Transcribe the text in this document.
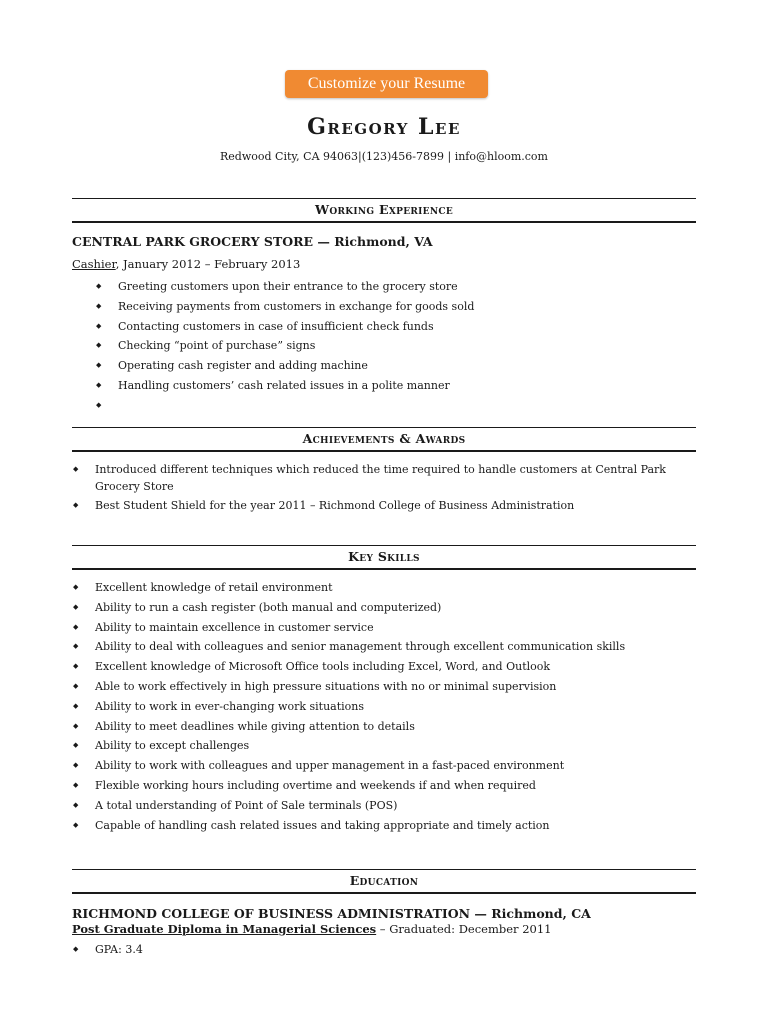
Customize your Resume
Gregory Lee
Redwood City, CA 94063|(123)456-7899 | info@hloom.com
Working Experience
CENTRAL PARK GROCERY STORE — Richmond, VA
Cashier, January 2012 – February 2013
◆ Greeting customers upon their entrance to the grocery store
◆ Receiving payments from customers in exchange for goods sold
◆ Contacting customers in case of insufficient check funds
◆ Checking “point of purchase” signs
◆ Operating cash register and adding machine
◆ Handling customers’ cash related issues in a polite manner
◆
Achievements & Awards
◆ Introduced different techniques which reduced the time required to handle customers at Central Park Grocery Store
◆ Best Student Shield for the year 2011 – Richmond College of Business Administration
Key Skills
◆ Excellent knowledge of retail environment
◆ Ability to run a cash register (both manual and computerized)
◆ Ability to maintain excellence in customer service
◆ Ability to deal with colleagues and senior management through excellent communication skills
◆ Excellent knowledge of Microsoft Office tools including Excel, Word, and Outlook
◆ Able to work effectively in high pressure situations with no or minimal supervision
◆ Ability to work in ever-changing work situations
◆ Ability to meet deadlines while giving attention to details
◆ Ability to except challenges
◆ Ability to work with colleagues and upper management in a fast-paced environment
◆ Flexible working hours including overtime and weekends if and when required
◆ A total understanding of Point of Sale terminals (POS)
◆ Capable of handling cash related issues and taking appropriate and timely action
Education
RICHMOND COLLEGE OF BUSINESS ADMINISTRATION — Richmond, CA
Post Graduate Diploma in Managerial Sciences – Graduated: December 2011
◆ GPA: 3.4
